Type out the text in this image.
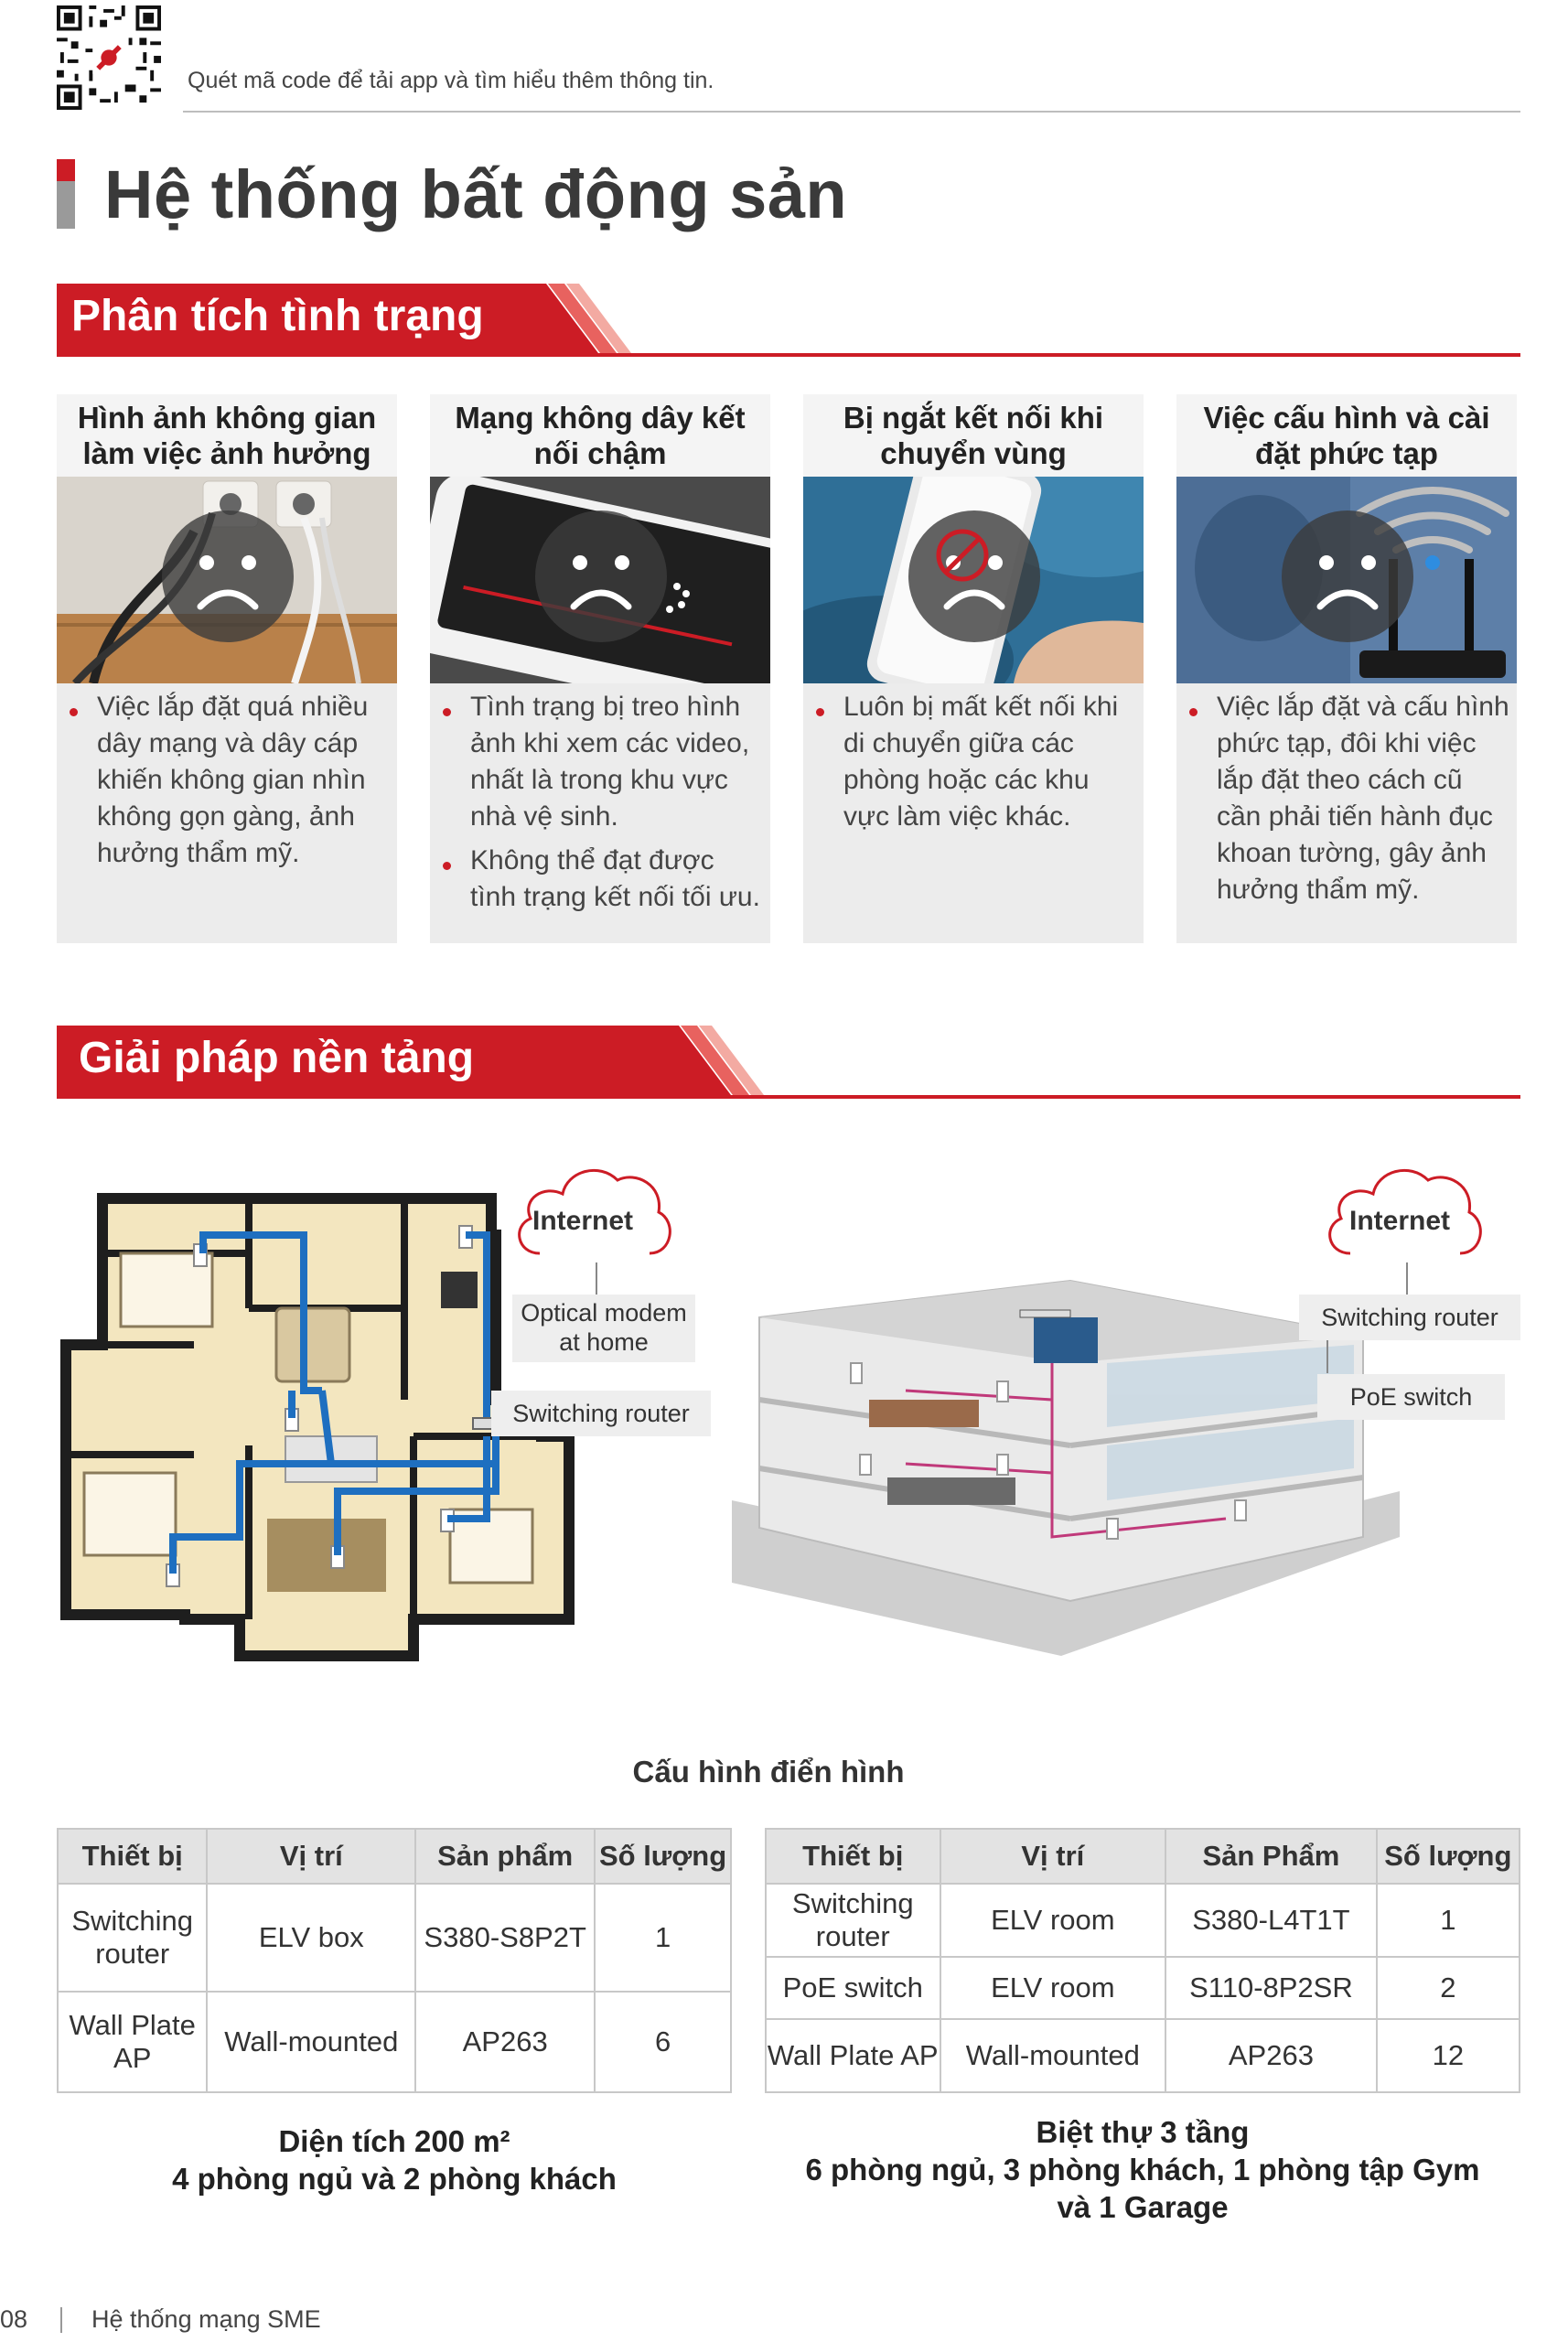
Quét mã code để tải app và tìm hiểu thêm thông tin.
Hệ thống bất động sản
Phân tích tình trạng
Hình ảnh không gian làm việc ảnh hưởng
Việc lắp đặt quá nhiều dây mạng và dây cáp khiến không gian nhìn không gọn gàng, ảnh hưởng thẩm mỹ.
Mạng không dây kết nối chậm
Tình trạng bị treo hình ảnh khi xem các video, nhất là trong khu vực nhà vệ sinh.
Không thể đạt được tình trạng kết nối tối ưu.
Bị ngắt kết nối khi chuyển vùng
Luôn bị mất kết nối khi di chuyển giữa các phòng hoặc các khu vực làm việc khác.
Việc cấu hình và cài đặt phức tạp
Việc lắp đặt và cấu hình phức tạp, đôi khi việc lắp đặt theo cách cũ cần phải tiến hành đục khoan tường, gây ảnh hưởng thẩm mỹ.
Giải pháp nền tảng
Internet
Optical modem at home
Switching router
Internet
Switching router
PoE switch
Cấu hình điển hình
Thiết bị	Vị trí	Sản phẩm	Số lượng
Switching router	ELV box	S380-S8P2T	1
Wall Plate AP	Wall-mounted	AP263	6
Thiết bị	Vị trí	Sản Phẩm	Số lượng
Switching router	ELV room	S380-L4T1T	1
PoE switch	ELV room	S110-8P2SR	2
Wall Plate AP	Wall-mounted	AP263	12
Diện tích 200 m²
4 phòng ngủ và 2 phòng khách
Biệt thự 3 tầng
6 phòng ngủ, 3 phòng khách, 1 phòng tập Gym
và 1 Garage
08	Hệ thống mạng SME
